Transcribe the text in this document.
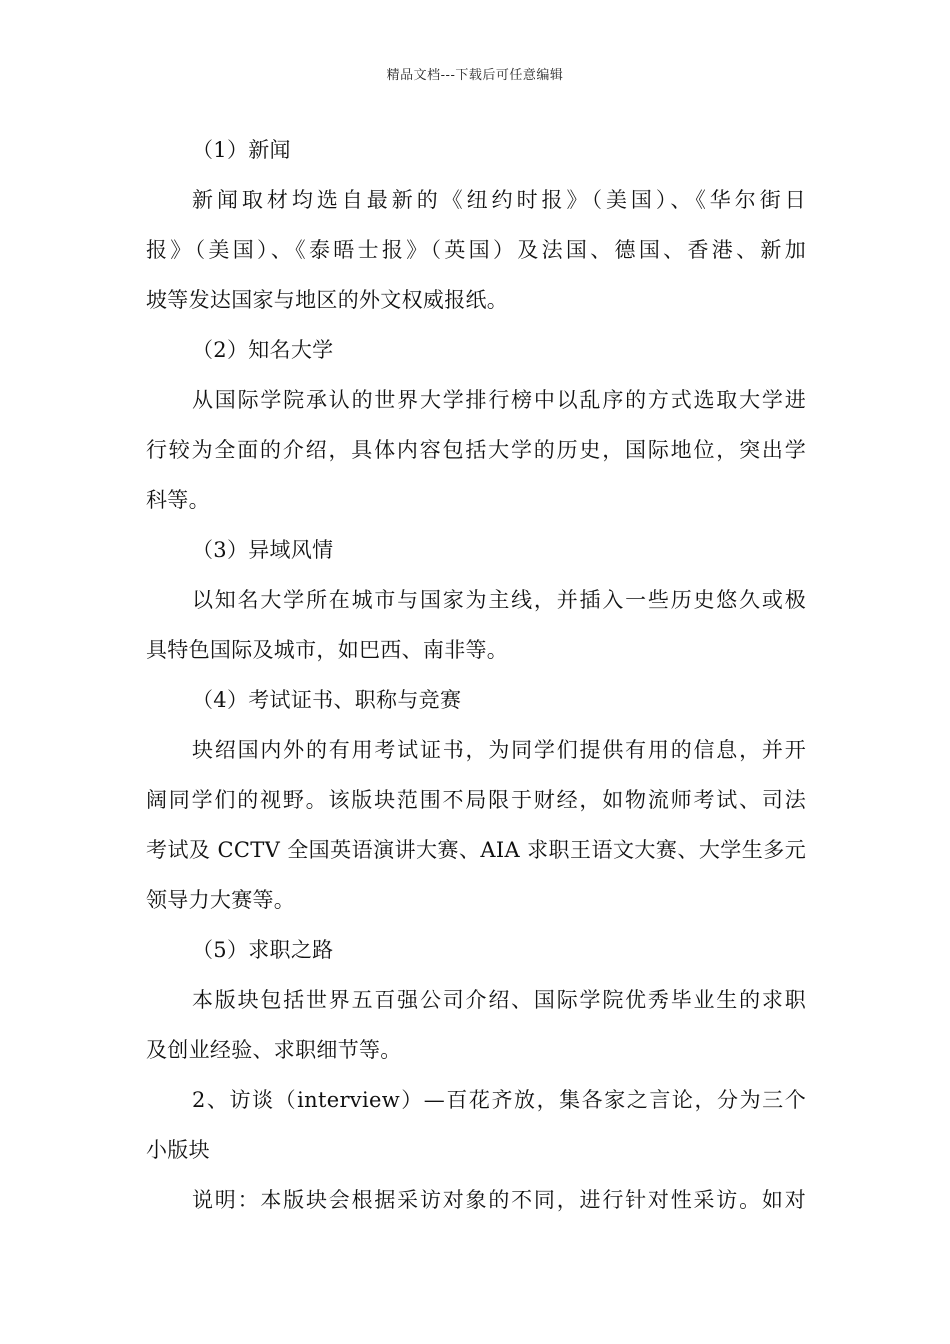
精品文档---下载后可任意编辑
（1）新闻
新闻取材均选自最新的《纽约时报》（美国）、《华尔街日
报》（美国）、《泰晤士报》（英国）及法国、德国、香港、新加
坡等发达国家与地区的外文权威报纸。
（2）知名大学
从国际学院承认的世界大学排行榜中以乱序的方式选取大学进
行较为全面的介绍，具体内容包括大学的历史，国际地位，突出学
科等。
（3）异域风情
以知名大学所在城市与国家为主线，并插入一些历史悠久或极
具特色国际及城市，如巴西、南非等。
（4）考试证书、职称与竞赛
块绍国内外的有用考试证书，为同学们提供有用的信息，并开
阔同学们的视野。该版块范围不局限于财经，如物流师考试、司法
考试及 CCTV 全国英语演讲大赛、AIA 求职王语文大赛、大学生多元
领导力大赛等。
（5）求职之路
本版块包括世界五百强公司介绍、国际学院优秀毕业生的求职
及创业经验、求职细节等。
2、访谈（interview）—百花齐放，集各家之言论，分为三个
小版块
说明：本版块会根据采访对象的不同，进行针对性采访。如对
